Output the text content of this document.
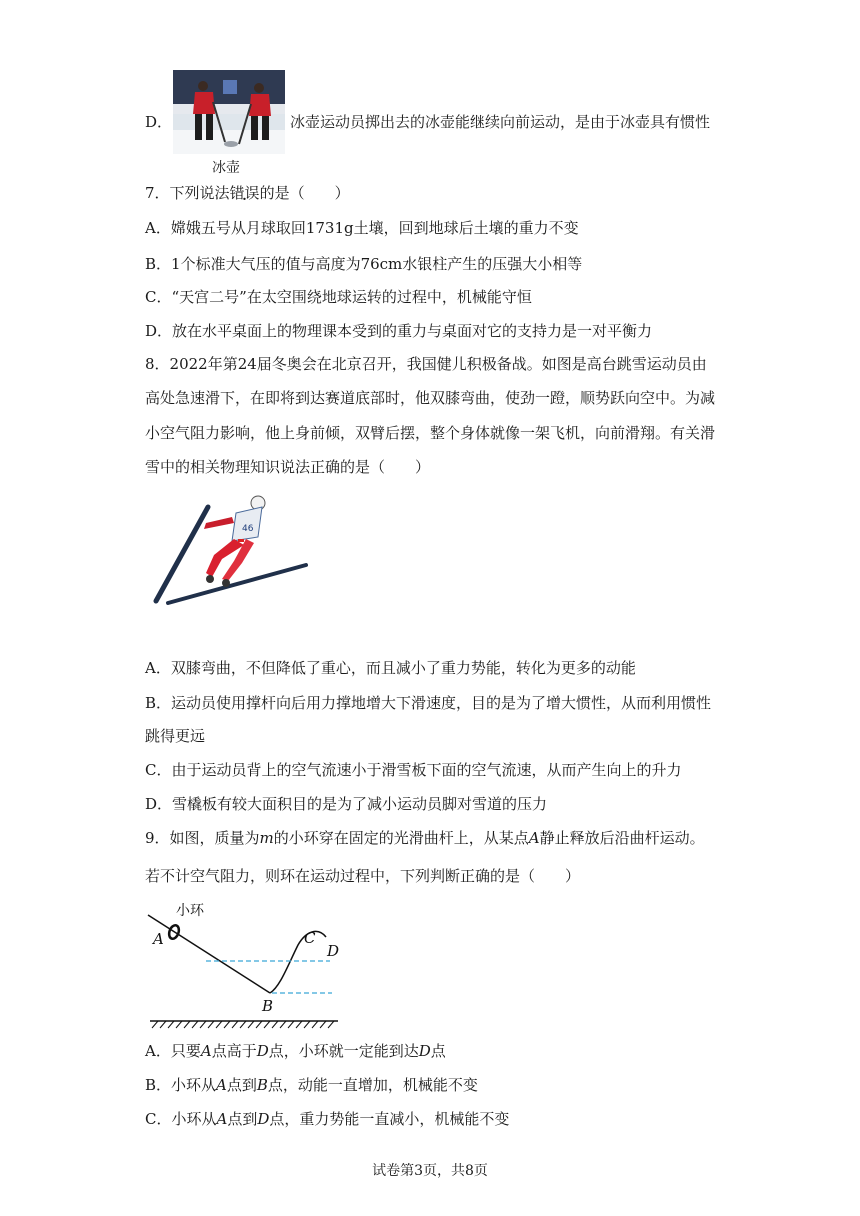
D．
冰壶
冰壶运动员掷出去的冰壶能继续向前运动，是由于冰壶具有惯性
7．下列说法错误的是（　　）
A．嫦娥五号从月球取回1731g土壤，回到地球后土壤的重力不变
B．1个标准大气压的值与高度为76cm水银柱产生的压强大小相等
C．“天宫二号”在太空围绕地球运转的过程中，机械能守恒
D．放在水平桌面上的物理课本受到的重力与桌面对它的支持力是一对平衡力
8．2022年第24届冬奥会在北京召开，我国健儿积极备战。如图是高台跳雪运动员由
高处急速滑下，在即将到达赛道底部时，他双膝弯曲，使劲一蹬，顺势跃向空中。为减
小空气阻力影响，他上身前倾，双臂后摆，整个身体就像一架飞机，向前滑翔。有关滑
雪中的相关物理知识说法正确的是（　　）
46
A．双膝弯曲，不但降低了重心，而且减小了重力势能，转化为更多的动能
B．运动员使用撑杆向后用力撑地增大下滑速度，目的是为了增大惯性，从而利用惯性
跳得更远
C．由于运动员背上的空气流速小于滑雪板下面的空气流速，从而产生向上的升力
D．雪橇板有较大面积目的是为了减小运动员脚对雪道的压力
9．如图，质量为m的小环穿在固定的光滑曲杆上，从某点A静止释放后沿曲杆运动。
若不计空气阻力，则环在运动过程中，下列判断正确的是（　　）
小环
A
B
C
D
A．只要A点高于D点，小环就一定能到达D点
B．小环从A点到B点，动能一直增加，机械能不变
C．小环从A点到D点，重力势能一直减小，机械能不变
试卷第3页，共8页
